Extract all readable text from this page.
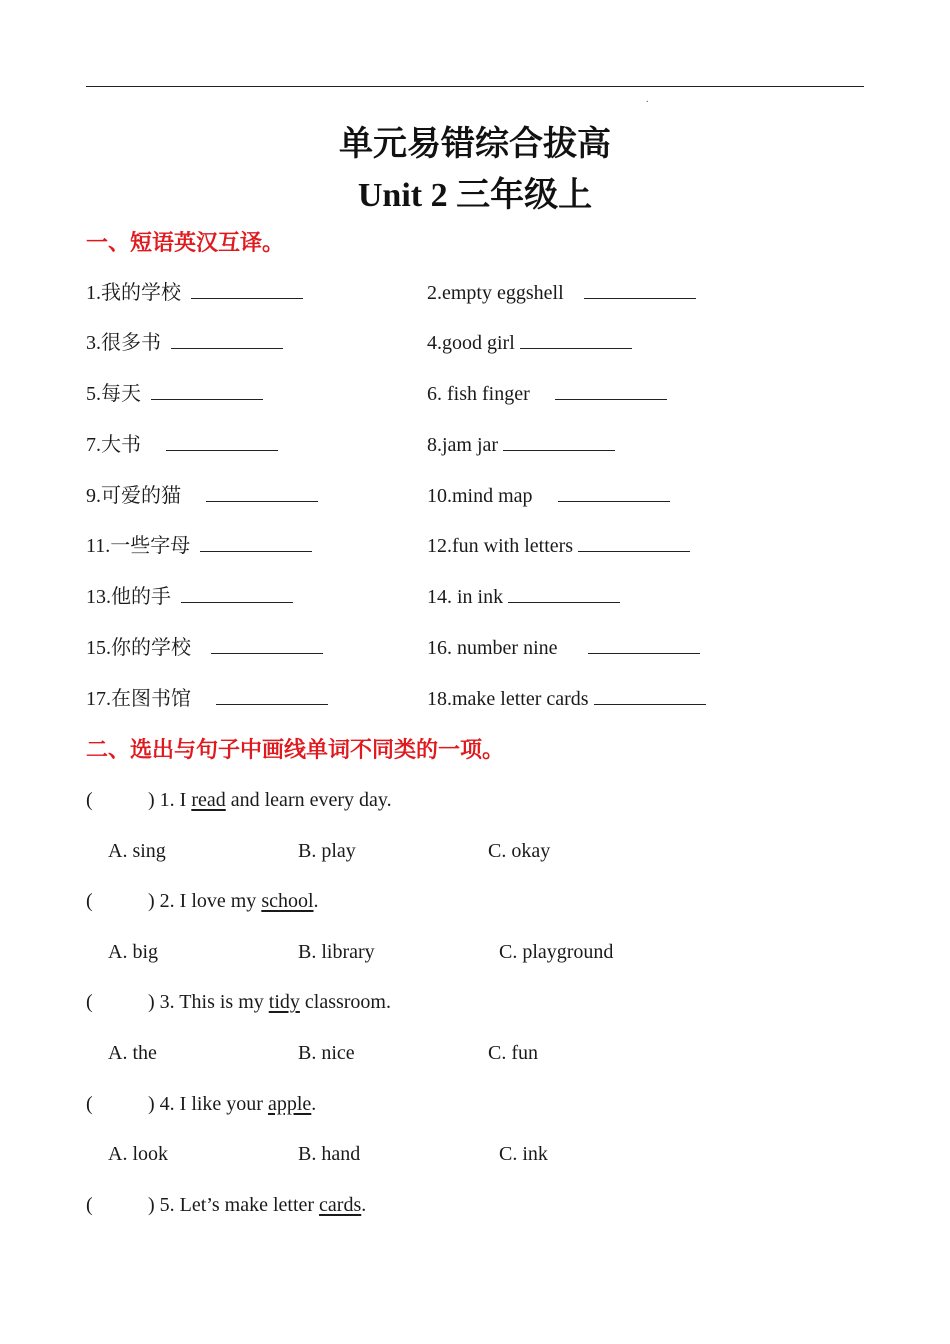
.
单元易错综合拔高
Unit 2 三年级上
一、短语英汉互译。
1.我的学校	2.empty eggshell
3.很多书	4.good girl
5.每天	6. fish finger
7.大书	8.jam jar
9.可爱的猫	10.mind map
11.一些字母	12.fun with letters
13.他的手	14. in ink
15.你的学校	16. number nine
17.在图书馆	18.make letter cards
二、选出与句子中画线单词不同类的一项。
(	) 1. I read and learn every day.
A. sing	B. play	C. okay
(	) 2. I love my school.
A. big	B. library	C. playground
(	) 3. This is my tidy classroom.
A. the	B. nice	C. fun
(	) 4. I like your apple.
A. look	B. hand	C. ink
(	) 5. Let’s make letter cards.
